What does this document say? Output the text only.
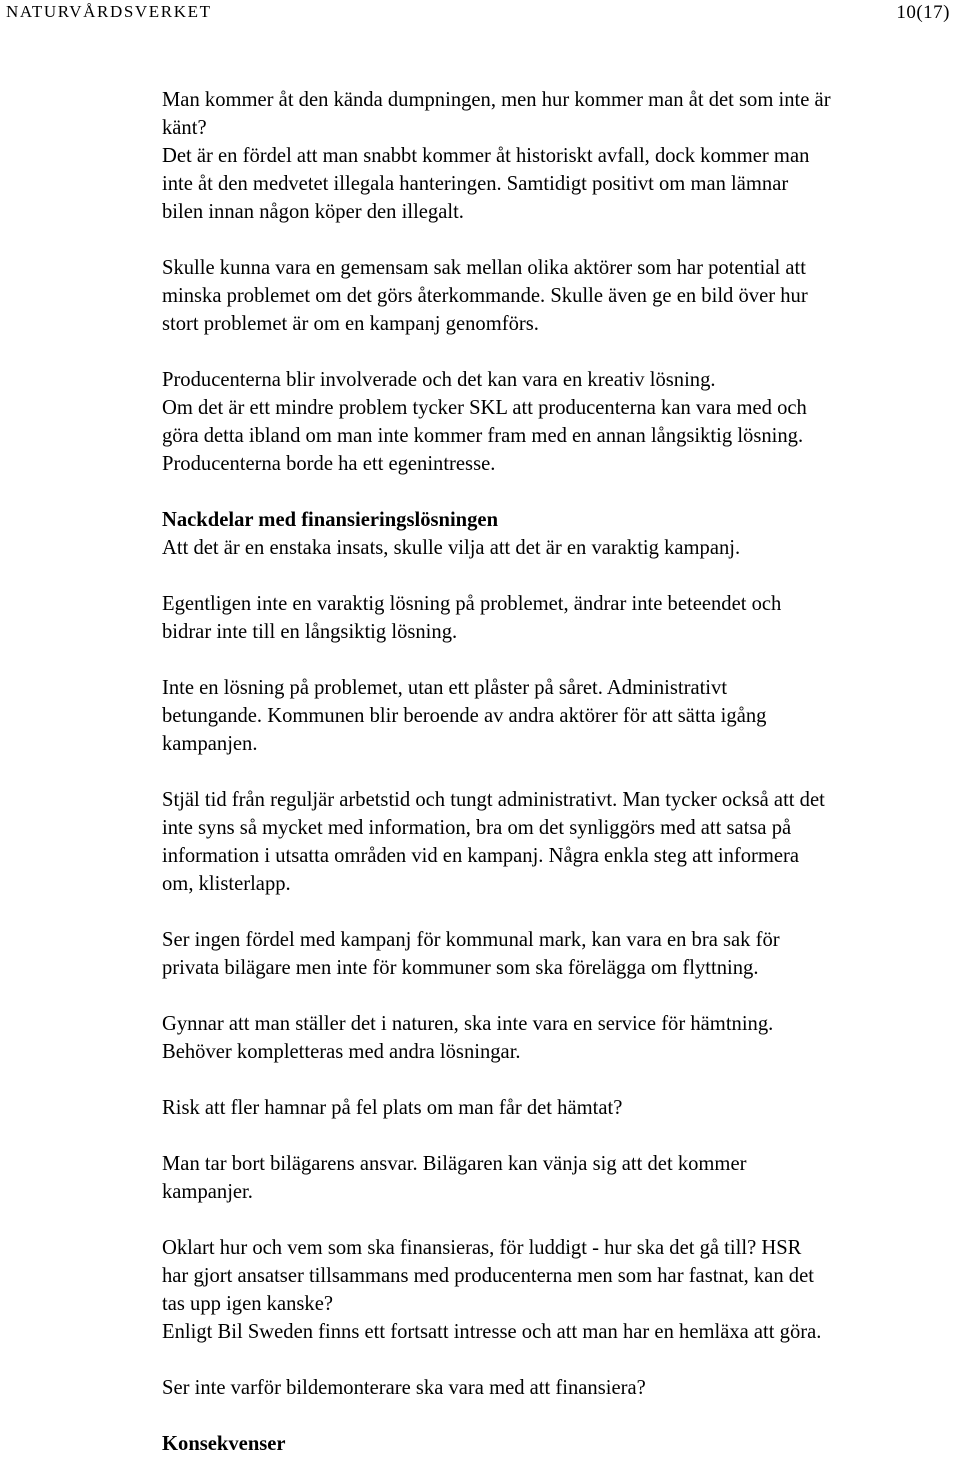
NATURVÅRDSVERKET	10(17)

Man kommer åt den kända dumpningen, men hur kommer man åt det som inte är
känt?

Det är en fördel att man snabbt kommer åt historiskt avfall, dock kommer man
inte åt den medvetet illegala hanteringen. Samtidigt positivt om man lämnar
bilen innan någon köper den illegalt.

Skulle kunna vara en gemensam sak mellan olika aktörer som har potential att
minska problemet om det görs återkommande. Skulle även ge en bild över hur
stort problemet är om en kampanj genomförs.

Producenterna blir involverade och det kan vara en kreativ lösning.

Om det är ett mindre problem tycker SKL att producenterna kan vara med och
göra detta ibland om man inte kommer fram med en annan långsiktig lösning.
Producenterna borde ha ett egenintresse.

Nackdelar med finansieringslösningen

Att det är en enstaka insats, skulle vilja att det är en varaktig kampanj.

Egentligen inte en varaktig lösning på problemet, ändrar inte beteendet och
bidrar inte till en långsiktig lösning.

Inte en lösning på problemet, utan ett plåster på såret. Administrativt
betungande. Kommunen blir beroende av andra aktörer för att sätta igång
kampanjen.

Stjäl tid från reguljär arbetstid och tungt administrativt. Man tycker också att det
inte syns så mycket med information, bra om det synliggörs med att satsa på
information i utsatta områden vid en kampanj. Några enkla steg att informera
om, klisterlapp.

Ser ingen fördel med kampanj för kommunal mark, kan vara en bra sak för
privata bilägare men inte för kommuner som ska förelägga om flyttning.

Gynnar att man ställer det i naturen, ska inte vara en service för hämtning.
Behöver kompletteras med andra lösningar.

Risk att fler hamnar på fel plats om man får det hämtat?

Man tar bort bilägarens ansvar. Bilägaren kan vänja sig att det kommer
kampanjer.

Oklart hur och vem som ska finansieras, för luddigt - hur ska det gå till? HSR
har gjort ansatser tillsammans med producenterna men som har fastnat, kan det
tas upp igen kanske?

Enligt Bil Sweden finns ett fortsatt intresse och att man har en hemläxa att göra.

Ser inte varför bildemonterare ska vara med att finansiera?

Konsekvenser
